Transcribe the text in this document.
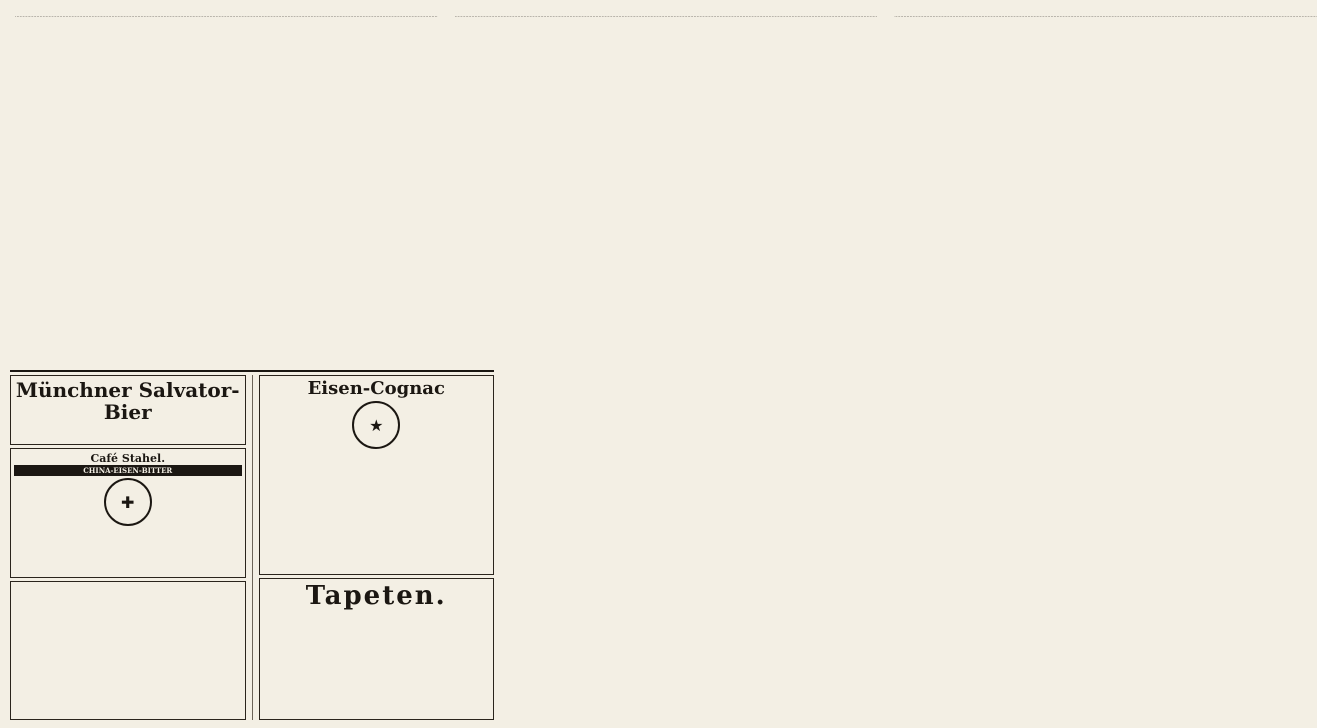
……………………………………………………………………………………………………………………………………………………………………………………………………………………………………………………	……………………………………………………………………………………………………………………………………………………………………………………………………………………………………………………	……………………………………………………………………………………………………………………………………………………………………………………………………………………………………………………

Münchner Salvator-Bier
Café Stahel.
CHINA-EISEN-BITTER
✚
Eisen-Cognac
★
Tapeten.
